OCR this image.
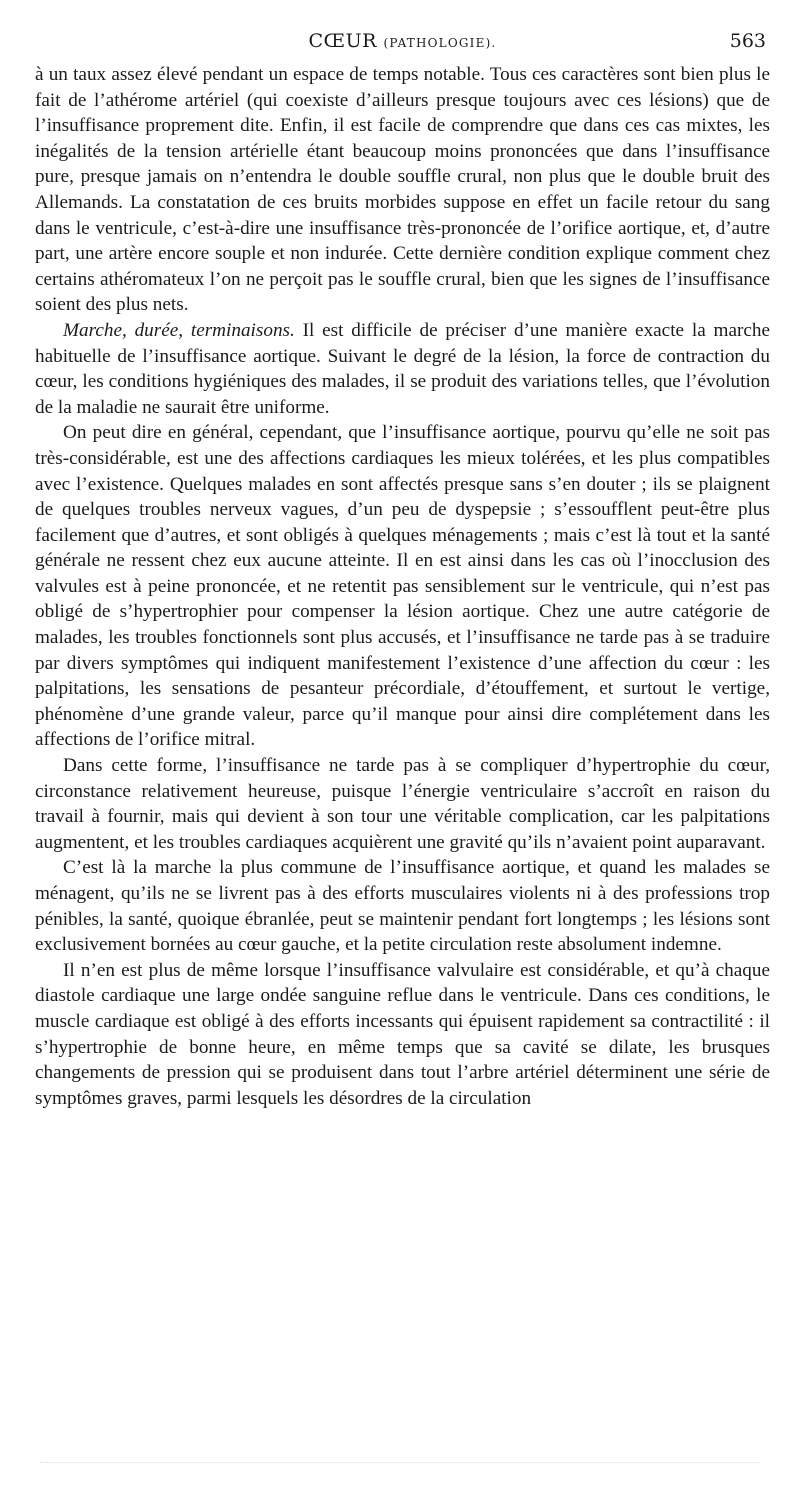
CŒUR (PATHOLOGIE).	563

à un taux assez élevé pendant un espace de temps notable. Tous ces caractères sont bien plus le fait de l’athérome artériel (qui coexiste d’ailleurs presque toujours avec ces lésions) que de l’insuffisance proprement dite. Enfin, il est facile de comprendre que dans ces cas mixtes, les inégalités de la tension artérielle étant beaucoup moins prononcées que dans l’insuffisance pure, presque jamais on n’entendra le double souffle crural, non plus que le double bruit des Allemands. La constatation de ces bruits morbides suppose en effet un facile retour du sang dans le ventricule, c’est-à-dire une insuffisance très-prononcée de l’orifice aortique, et, d’autre part, une artère encore souple et non indurée. Cette dernière condition explique comment chez certains athéromateux l’on ne perçoit pas le souffle crural, bien que les signes de l’insuffisance soient des plus nets.

Marche, durée, terminaisons. Il est difficile de préciser d’une manière exacte la marche habituelle de l’insuffisance aortique. Suivant le degré de la lésion, la force de contraction du cœur, les conditions hygiéniques des malades, il se produit des variations telles, que l’évolution de la maladie ne saurait être uniforme.

On peut dire en général, cependant, que l’insuffisance aortique, pourvu qu’elle ne soit pas très-considérable, est une des affections cardiaques les mieux tolérées, et les plus compatibles avec l’existence. Quelques malades en sont affectés presque sans s’en douter ; ils se plaignent de quelques troubles nerveux vagues, d’un peu de dyspepsie ; s’essoufflent peut-être plus facilement que d’autres, et sont obligés à quelques ménagements ; mais c’est là tout et la santé générale ne ressent chez eux aucune atteinte. Il en est ainsi dans les cas où l’inocclusion des valvules est à peine prononcée, et ne retentit pas sensiblement sur le ventricule, qui n’est pas obligé de s’hypertrophier pour compenser la lésion aortique. Chez une autre catégorie de malades, les troubles fonctionnels sont plus accusés, et l’insuffisance ne tarde pas à se traduire par divers symptômes qui indiquent manifestement l’existence d’une affection du cœur : les palpitations, les sensations de pesanteur précordiale, d’étouffement, et surtout le vertige, phénomène d’une grande valeur, parce qu’il manque pour ainsi dire complétement dans les affections de l’orifice mitral.

Dans cette forme, l’insuffisance ne tarde pas à se compliquer d’hypertrophie du cœur, circonstance relativement heureuse, puisque l’énergie ventriculaire s’accroît en raison du travail à fournir, mais qui devient à son tour une véritable complication, car les palpitations augmentent, et les troubles cardiaques acquièrent une gravité qu’ils n’avaient point auparavant.

C’est là la marche la plus commune de l’insuffisance aortique, et quand les malades se ménagent, qu’ils ne se livrent pas à des efforts musculaires violents ni à des professions trop pénibles, la santé, quoique ébranlée, peut se maintenir pendant fort longtemps ; les lésions sont exclusivement bornées au cœur gauche, et la petite circulation reste absolument indemne.

Il n’en est plus de même lorsque l’insuffisance valvulaire est considérable, et qu’à chaque diastole cardiaque une large ondée sanguine reflue dans le ventricule. Dans ces conditions, le muscle cardiaque est obligé à des efforts incessants qui épuisent rapidement sa contractilité : il s’hypertrophie de bonne heure, en même temps que sa cavité se dilate, les brusques changements de pression qui se produisent dans tout l’arbre artériel déterminent une série de symptômes graves, parmi lesquels les désordres de la circulation
